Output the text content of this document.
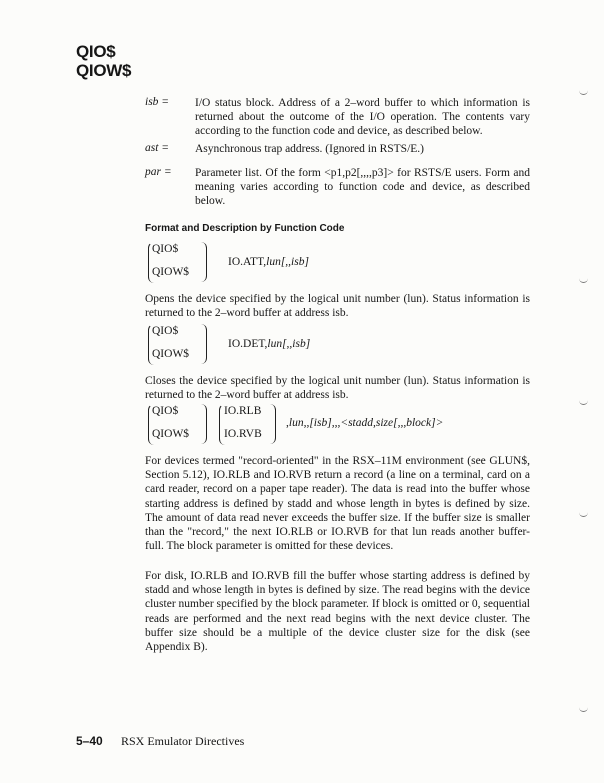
QIO$
QIOW$
isb = I/O status block. Address of a 2–word buffer to which information is returned about the outcome of the I/O operation. The contents vary according to the function code and device, as described below.
ast = Asynchronous trap address. (Ignored in RSTS/E.)
par = Parameter list. Of the form <p1,p2[,,,,p3]> for RSTS/E users. Form and meaning varies according to function code and device, as described below.
Format and Description by Function Code
QIO$
QIOW$
IO.ATT,lun[,,isb]
Opens the device specified by the logical unit number (lun). Status information is returned to the 2–word buffer at address isb.
QIO$
QIOW$
IO.DET,lun[,,isb]
Closes the device specified by the logical unit number (lun). Status information is returned to the 2–word buffer at address isb.
QIO$
QIOW$
IO.RLB
IO.RVB
,lun,,[isb],,,<stadd,size[,,,block]>
For devices termed "record-oriented" in the RSX–11M environment (see GLUN$, Section 5.12), IO.RLB and IO.RVB return a record (a line on a terminal, card on a card reader, record on a paper tape reader). The data is read into the buffer whose starting address is defined by stadd and whose length in bytes is defined by size. The amount of data read never exceeds the buffer size. If the buffer size is smaller than the "record," the next IO.RLB or IO.RVB for that lun reads another buffer-full. The block parameter is omitted for these devices.
For disk, IO.RLB and IO.RVB fill the buffer whose starting address is defined by stadd and whose length in bytes is defined by size. The read begins with the device cluster number specified by the block parameter. If block is omitted or 0, sequential reads are performed and the next read begins with the next device cluster. The buffer size should be a multiple of the device cluster size for the disk (see Appendix B).
5–40 RSX Emulator Directives
